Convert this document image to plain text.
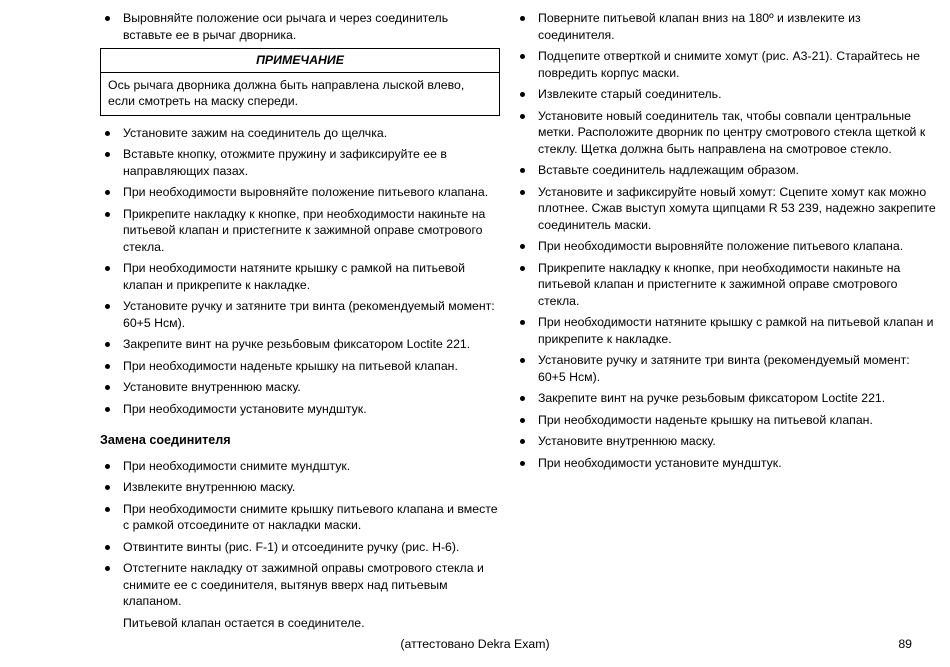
Выровняйте положение оси рычага и через соединитель вставьте ее в рычаг дворника.
ПРИМЕЧАНИЕ
Ось рычага дворника должна быть направлена лыской влево, если смотреть на маску спереди.
Установите зажим на соединитель до щелчка.
Вставьте кнопку, отожмите пружину и зафиксируйте ее в направляющих пазах.
При необходимости выровняйте положение питьевого клапана.
Прикрепите накладку к кнопке, при необходимости накиньте на питьевой клапан и пристегните к зажимной оправе смотрового стекла.
При необходимости натяните крышку с рамкой на питьевой клапан и прикрепите к накладке.
Установите ручку и затяните три винта (рекомендуемый момент: 60+5 Нсм).
Закрепите винт на ручке резьбовым фиксатором Loctite 221.
При необходимости наденьте крышку на питьевой клапан.
Установите внутреннюю маску.
При необходимости установите мундштук.
Замена соединителя
При необходимости снимите мундштук.
Извлеките внутреннюю маску.
При необходимости снимите крышку питьевого клапана и вместе с рамкой отсоедините от накладки маски.
Отвинтите винты (рис. F-1) и отсоедините ручку (рис. H-6).
Отстегните накладку от зажимной оправы смотрового стекла и снимите ее с соединителя, вытянув вверх над питьевым клапаном.

Питьевой клапан остается в соединителе.

Поверните питьевой клапан вниз на 180º и извлеките из соединителя.
Подцепите отверткой и снимите хомут (рис. A3-21). Старайтесь не повредить корпус маски.
Извлеките старый соединитель.
Установите новый соединитель так, чтобы совпали центральные метки. Расположите дворник по центру смотрового стекла щеткой к стеклу. Щетка должна быть направлена на смотровое стекло.
Вставьте соединитель надлежащим образом.
Установите и зафиксируйте новый хомут: Сцепите хомут как можно плотнее. Сжав выступ хомута щипцами R 53 239, надежно закрепите соединитель маски.
При необходимости выровняйте положение питьевого клапана.
Прикрепите накладку к кнопке, при необходимости накиньте на питьевой клапан и пристегните к зажимной оправе смотрового стекла.
При необходимости натяните крышку с рамкой на питьевой клапан и прикрепите к накладке.
Установите ручку и затяните три винта (рекомендуемый момент: 60+5 Нсм).
Закрепите винт на ручке резьбовым фиксатором Loctite 221.
При необходимости наденьте крышку на питьевой клапан.
Установите внутреннюю маску.
При необходимости установите мундштук.
(аттестовано Dekra Exam)	89
